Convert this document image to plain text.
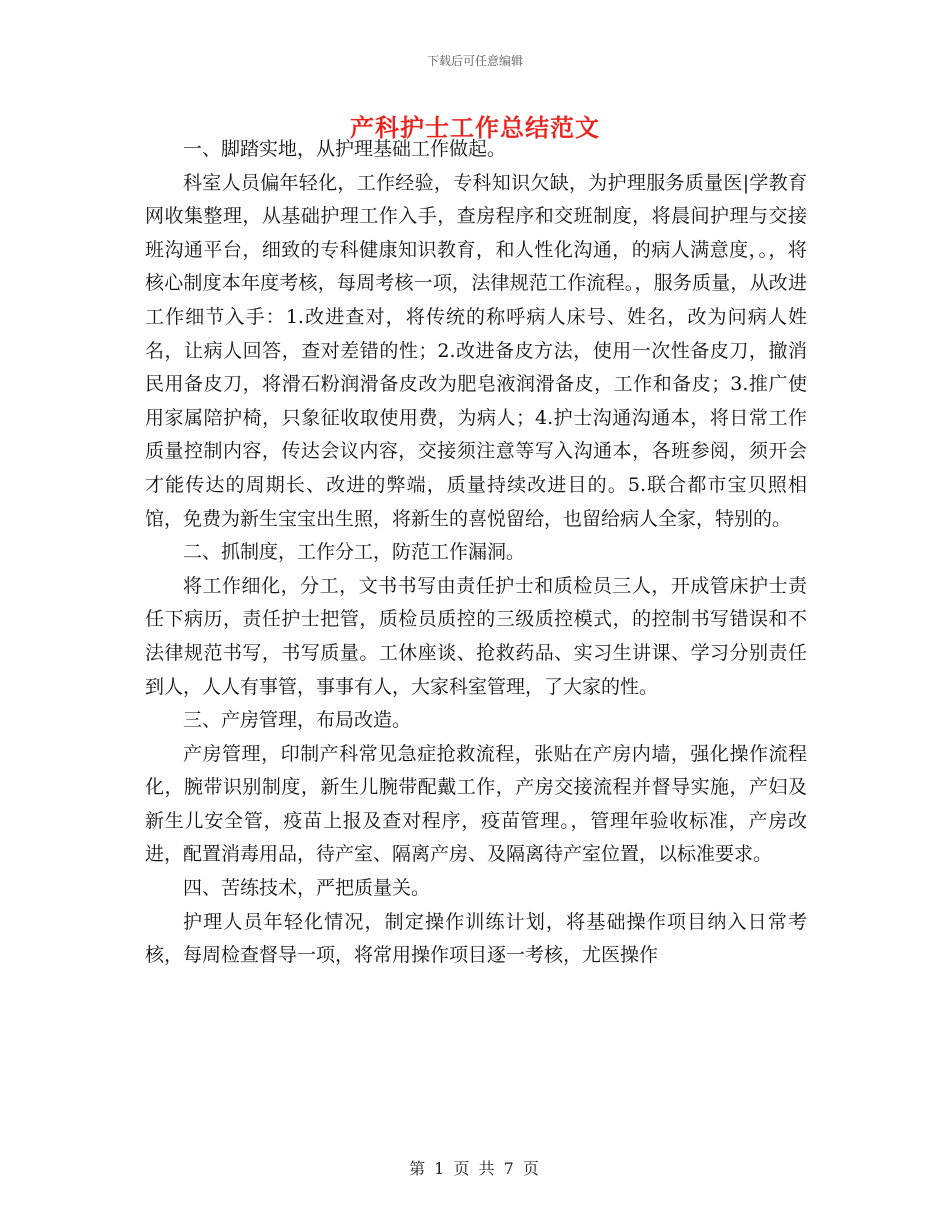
下载后可任意编辑
产科护士工作总结范文

一、脚踏实地，从护理基础工作做起。

科室人员偏年轻化，工作经验，专科知识欠缺，为护理服务质量医|学教育网收集整理，从基础护理工作入手，查房程序和交班制度，将晨间护理与交接班沟通平台，细致的专科健康知识教育，和人性化沟通，的病人满意度，。，将核心制度本年度考核，每周考核一项，法律规范工作流程。，服务质量，从改进工作细节入手：1.改进查对，将传统的称呼病人床号、姓名，改为问病人姓名，让病人回答，查对差错的性；2.改进备皮方法，使用一次性备皮刀，撤消民用备皮刀，将滑石粉润滑备皮改为肥皂液润滑备皮，工作和备皮；3.推广使用家属陪护椅，只象征收取使用费，为病人；4.护士沟通沟通本，将日常工作质量控制内容，传达会议内容，交接须注意等写入沟通本，各班参阅，须开会才能传达的周期长、改进的弊端，质量持续改进目的。5.联合都市宝贝照相馆，免费为新生宝宝出生照，将新生的喜悦留给，也留给病人全家，特别的。

二、抓制度，工作分工，防范工作漏洞。

将工作细化，分工，文书书写由责任护士和质检员三人，开成管床护士责任下病历，责任护士把管，质检员质控的三级质控模式，的控制书写错误和不法律规范书写，书写质量。工休座谈、抢救药品、实习生讲课、学习分别责任到人，人人有事管，事事有人，大家科室管理，了大家的性。

三、产房管理，布局改造。

产房管理，印制产科常见急症抢救流程，张贴在产房内墙，强化操作流程化，腕带识别制度，新生儿腕带配戴工作，产房交接流程并督导实施，产妇及新生儿安全管，疫苗上报及查对程序，疫苗管理。，管理年验收标准，产房改进，配置消毒用品，待产室、隔离产房、及隔离待产室位置，以标准要求。

四、苦练技术，严把质量关。

护理人员年轻化情况，制定操作训练计划，将基础操作项目纳入日常考核，每周检查督导一项，将常用操作项目逐一考核，尤医操作

第 1 页 共 7 页
